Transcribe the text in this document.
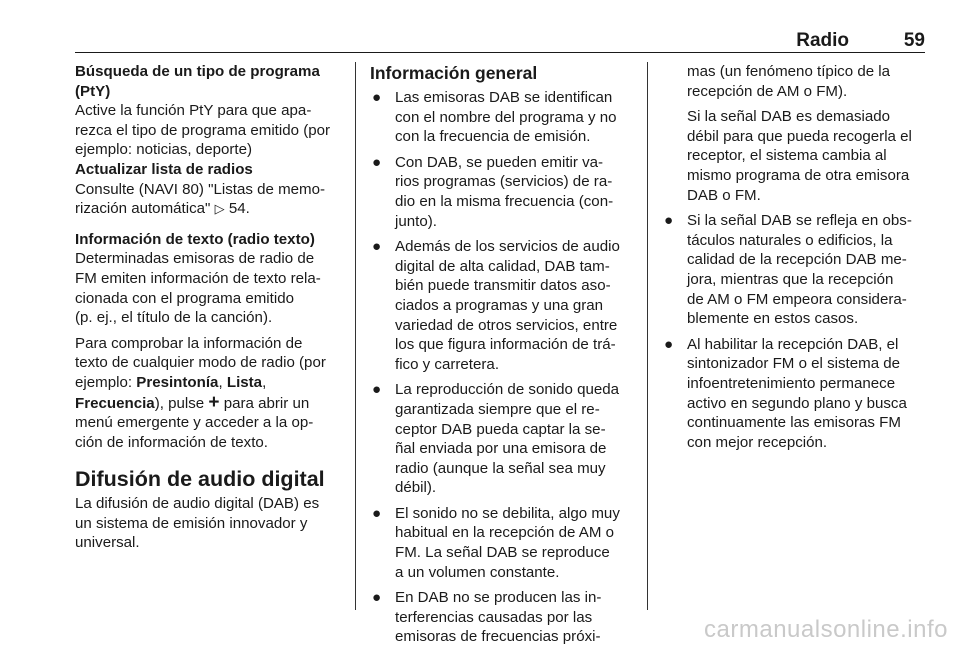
Radio	59
Búsqueda de un tipo de programa
(PtY)
Active la función PtY para que apa-
rezca el tipo de programa emitido (por
ejemplo: noticias, deporte)
Actualizar lista de radios
Consulte (NAVI 80) "Listas de memo-
rización automática" ▷ 54.
Información de texto (radio texto)
Determinadas emisoras de radio de
FM emiten información de texto rela-
cionada con el programa emitido
(p. ej., el título de la canción).
Para comprobar la información de
texto de cualquier modo de radio (por
ejemplo: Presintonía, Lista,
Frecuencia), pulse + para abrir un
menú emergente y acceder a la op-
ción de información de texto.
Difusión de audio digital
La difusión de audio digital (DAB) es
un sistema de emisión innovador y
universal.
Información general
● Las emisoras DAB se identifican
con el nombre del programa y no
con la frecuencia de emisión.
● Con DAB, se pueden emitir va-
rios programas (servicios) de ra-
dio en la misma frecuencia (con-
junto).
● Además de los servicios de audio
digital de alta calidad, DAB tam-
bién puede transmitir datos aso-
ciados a programas y una gran
variedad de otros servicios, entre
los que figura información de trá-
fico y carretera.
● La reproducción de sonido queda
garantizada siempre que el re-
ceptor DAB pueda captar la se-
ñal enviada por una emisora de
radio (aunque la señal sea muy
débil).
● El sonido no se debilita, algo muy
habitual en la recepción de AM o
FM. La señal DAB se reproduce
a un volumen constante.
● En DAB no se producen las in-
terferencias causadas por las
emisoras de frecuencias próxi-
mas (un fenómeno típico de la
recepción de AM o FM).
Si la señal DAB es demasiado
débil para que pueda recogerla el
receptor, el sistema cambia al
mismo programa de otra emisora
DAB o FM.
● Si la señal DAB se refleja en obs-
táculos naturales o edificios, la
calidad de la recepción DAB me-
jora, mientras que la recepción
de AM o FM empeora considera-
blemente en estos casos.
● Al habilitar la recepción DAB, el
sintonizador FM o el sistema de
infoentretenimiento permanece
activo en segundo plano y busca
continuamente las emisoras FM
con mejor recepción.
carmanualsonline.info
